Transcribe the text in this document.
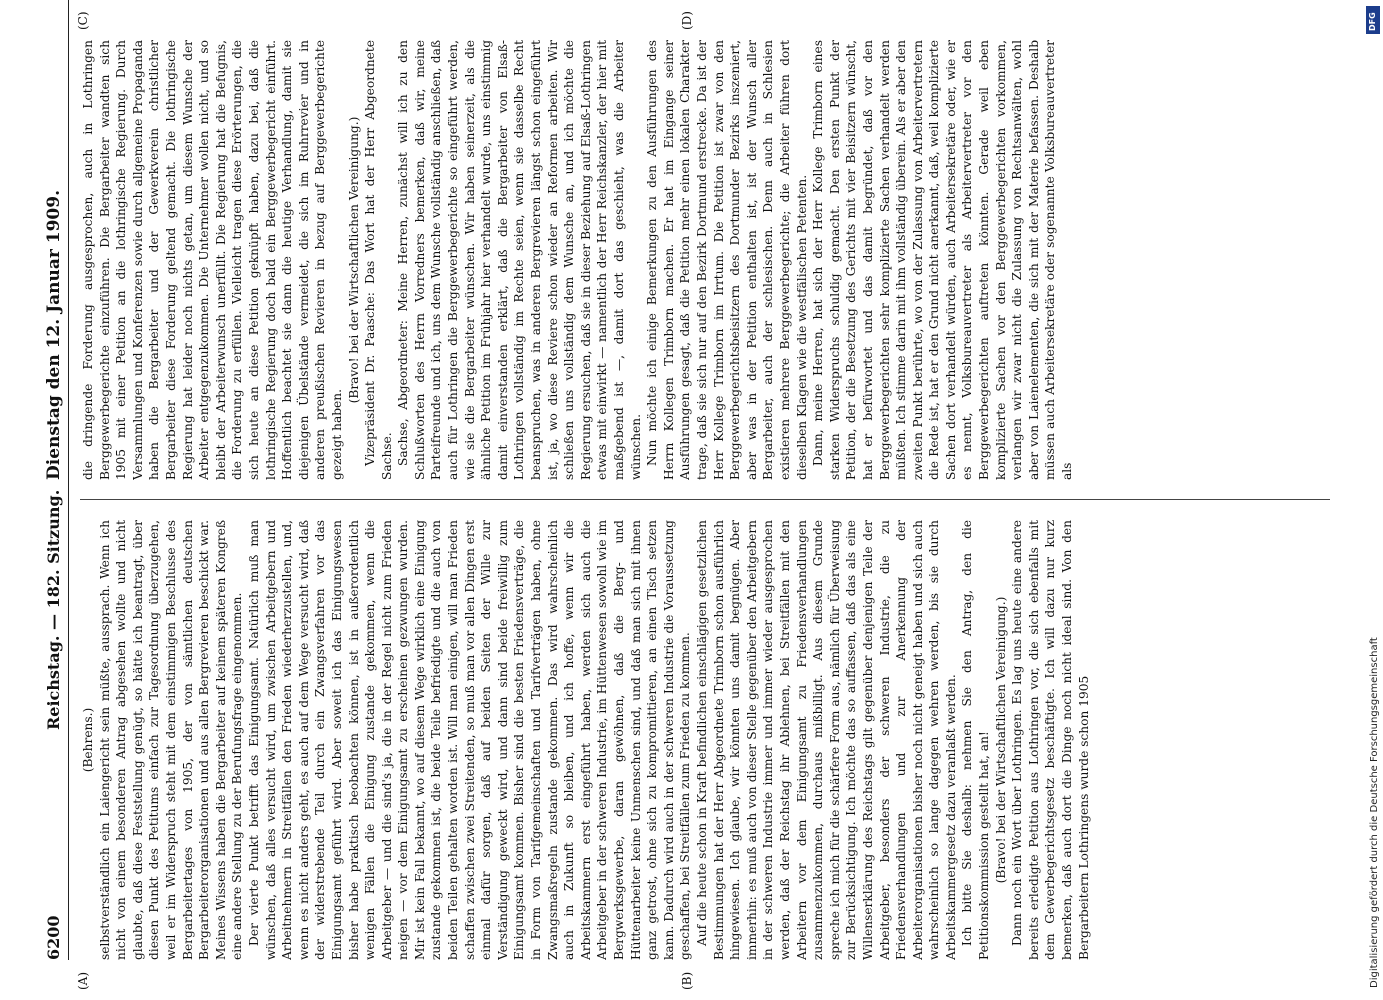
6200
Reichstag. — 182. Sitzung.
Dienstag den 12. Januar 1909.

(Behrens.) selbstverständlich ein Laiengericht sein müßte, aussprach. Wenn ich nicht von einem besonderen Antrag abgesehen wollte und nicht glaubte, daß diese Feststellung genügt, so hätte ich beantragt, über diesen Punkt des Petitums einfach zur Tagesordnung überzugehen, weil er im Widerspruch steht mit dem einstimmigen Beschlusse des Bergarbeitertages von 1905, der von sämtlichen deutschen Bergarbeiterorganisationen und aus allen Bergrevieren beschickt war. Meines Wissens haben die Bergarbeiter auf keinem späteren Kongreß eine andere Stellung zu der Berufungsfrage eingenommen. Der vierte Punkt betrifft das Einigungsamt. Natürlich muß man wünschen, daß alles versucht wird, um zwischen Arbeitgebern und Arbeitnehmern in Streitfällen den Frieden wiederherzustellen, und, wenn es nicht anders geht, es auch auf dem Wege versucht wird, daß der widerstrebende Teil durch ein Zwangsverfahren vor das Einigungsamt geführt wird. Aber soweit ich das Einigungswesen bisher habe praktisch beobachten können, ist in außerordentlich wenigen Fällen die Einigung zustande gekommen, wenn die Arbeitgeber — und die sind's ja, die in der Regel nicht zum Frieden neigen — vor dem Einigungsamt zu erscheinen gezwungen wurden. Mir ist kein Fall bekannt, wo auf diesem Wege wirklich eine Einigung zustande gekommen ist, die beide Teile befriedigte und die auch von beiden Teilen gehalten worden ist. Will man einigen, will man Frieden schaffen zwischen zwei Streitenden, so muß man vor allen Dingen erst einmal dafür sorgen, daß auf beiden Seiten der Wille zur Verständigung geweckt wird, und dann sind beide freiwillig zum Einigungsamt kommen. Bisher sind die besten Friedensverträge, die in Form von Tarifgemeinschaften und Tarifverträgen haben, ohne Zwangsmaßregeln zustande gekommen. Das wird wahrscheinlich auch in Zukunft so bleiben, und ich hoffe, wenn wir die Arbeitskammern erst eingeführt haben, werden sich auch die Arbeitgeber in der schweren Industrie, im Hüttenwesen sowohl wie im Bergwerksgewerbe, daran gewöhnen, daß die Berg- und Hüttenarbeiter keine Unmenschen sind, und daß man sich mit ihnen ganz getrost, ohne sich zu kompromittieren, an einen Tisch setzen kann. Dadurch wird auch in der schweren Industrie die Voraussetzung geschaffen, bei Streitfällen zum Frieden zu kommen. Auf die heute schon in Kraft befindlichen einschlägigen gesetzlichen Bestimmungen hat der Herr Abgeordnete Trimborn schon ausführlich hingewiesen. Ich glaube, wir könnten uns damit begnügen. Aber immerhin: es muß auch von dieser Stelle gegenüber den Arbeitgebern in der schweren Industrie immer und immer wieder ausgesprochen werden, daß der Reichstag ihr Ablehnen, bei Streitfällen mit den Arbeitern vor dem Einigungsamt zu Friedensverhandlungen zusammenzukommen, durchaus mißbilligt. Aus diesem Grunde spreche ich mich für die schärfere Form aus, nämlich für Überweisung zur Berücksichtigung. Ich möchte das so auffassen, daß das als eine Willenserklärung des Reichstags gilt gegenüber denjenigen Teile der Arbeitgeber, besonders der schweren Industrie, die zu Friedensverhandlungen und zur Anerkennung der Arbeiterorganisationen bisher noch nicht geneigt haben und sich auch wahrscheinlich so lange dagegen wehren werden, bis sie durch Arbeitskammergesetz dazu veranlaßt werden. Ich bitte Sie deshalb: nehmen Sie den Antrag, den die Petitionskommission gestellt hat, an! (Bravo! bei der Wirtschaftlichen Vereinigung.) Dann noch ein Wort über Lothringen. Es lag uns heute eine andere bereits erledigte Petition aus Lothringen vor, die sich ebenfalls mit dem Gewerbegerichtsgesetz beschäftigte. Ich will dazu nur kurz bemerken, daß auch dort die Dinge noch nicht ideal sind. Von den Bergarbeitern Lothringens wurde schon 1905

die dringende Forderung ausgesprochen, auch in Lothringen Berggewerbegerichte einzuführen. Die Bergarbeiter wandten sich 1905 mit einer Petition an die lothringische Regierung. Durch Versammlungen und Konferenzen sowie durch allgemeine Propaganda haben die Bergarbeiter und der Gewerkverein christlicher Bergarbeiter diese Forderung geltend gemacht. Die lothringische Regierung hat leider noch nichts getan, um diesem Wunsche der Arbeiter entgegenzukommen. Die Unternehmer wollen nicht, und so bleibt der Arbeiterwunsch unerfüllt. Die Regierung hat die Befugnis, die Forderung zu erfüllen. Vielleicht tragen diese Erörterungen, die sich heute an diese Petition geknüpft haben, dazu bei, daß die lothringische Regierung doch bald ein Berggewerbegericht einführt. Hoffentlich beachtet sie dann die heutige Verhandlung, damit sie diejenigen Übelstände vermeidet, die sich im Ruhrrevier und in anderen preußischen Revieren in bezug auf Berggewerbegerichte gezeigt haben.

(Bravo! bei der Wirtschaftlichen Vereinigung.) Vizepräsident Dr. Paasche: Das Wort hat der Herr Abgeordnete Sachse. Sachse, Abgeordneter: Meine Herren, zunächst will ich zu den Schlußworten des Herrn Vorredners bemerken, daß wir, meine Parteifreunde und ich, uns dem Wunsche vollständig anschließen, daß auch für Lothringen die Berggewerbegerichte so eingeführt werden, wie sie die Bergarbeiter wünschen. Wir haben seinerzeit, als die ähnliche Petition im Frühjahr hier verhandelt wurde, uns einstimmig damit einverstanden erklärt, daß die Bergarbeiter von Elsaß-Lothringen vollständig im Rechte seien, wenn sie dasselbe Recht beanspruchen, was in anderen Bergrevieren längst schon eingeführt ist, ja, wo diese Reviere schon wieder an Reformen arbeiten. Wir schließen uns vollständig dem Wunsche an, und ich möchte die Regierung ersuchen, daß sie in dieser Beziehung auf Elsaß-Lothringen etwas mit einwirkt — namentlich der Herr Reichskanzler, der hier mit maßgebend ist —, damit dort das geschieht, was die Arbeiter wünschen. Nun möchte ich einige Bemerkungen zu den Ausführungen des Herrn Kollegen Trimborn machen. Er hat im Eingange seiner Ausführungen gesagt, daß die Petition mehr einen lokalen Charakter trage, daß sie sich nur auf den Bezirk Dortmund erstrecke. Da ist der Herr Kollege Trimborn im Irrtum. Die Petition ist zwar von den Berggewerbegerichtsbeisitzern des Dortmunder Bezirks inszeniert, aber was in der Petition enthalten ist, ist der Wunsch aller Bergarbeiter, auch der schlesischen. Denn auch in Schlesien existieren mehrere Berggewerbegerichte; die Arbeiter führen dort dieselben Klagen wie die westfälischen Petenten. Dann, meine Herren, hat sich der Herr Kollege Trimborn eines starken Widerspruchs schuldig gemacht. Den ersten Punkt der Petition, der die Besetzung des Gerichts mit vier Beisitzern wünscht, hat er befürwortet und das damit begründet, daß vor den Berggewerbegerichten sehr komplizierte Sachen verhandelt werden müßten. Ich stimme darin mit ihm vollständig überein. Als er aber den zweiten Punkt berührte, wo von der Zulassung von Arbeitervertretern die Rede ist, hat er den Grund nicht anerkannt, daß, weil komplizierte Sachen dort verhandelt würden, auch Arbeitersekretäre oder, wie er es nennt, Volksbureauvertreter als Arbeitervertreter vor den Berggewerbegerichten auftreten könnten. Gerade weil eben komplizierte Sachen vor den Berggewerbegerichten vorkommen, verlangen wir zwar nicht die Zulassung von Rechtsanwälten, wohl aber von Laienelementen, die sich mit der Materie befassen. Deshalb müssen auch Arbeitersekretäre oder sogenannte Volksbureauvertreter als

(A)	(B)
(C)	(D)	DFG
Digitalisierung gefördert durch die Deutsche Forschungsgemeinschaft
